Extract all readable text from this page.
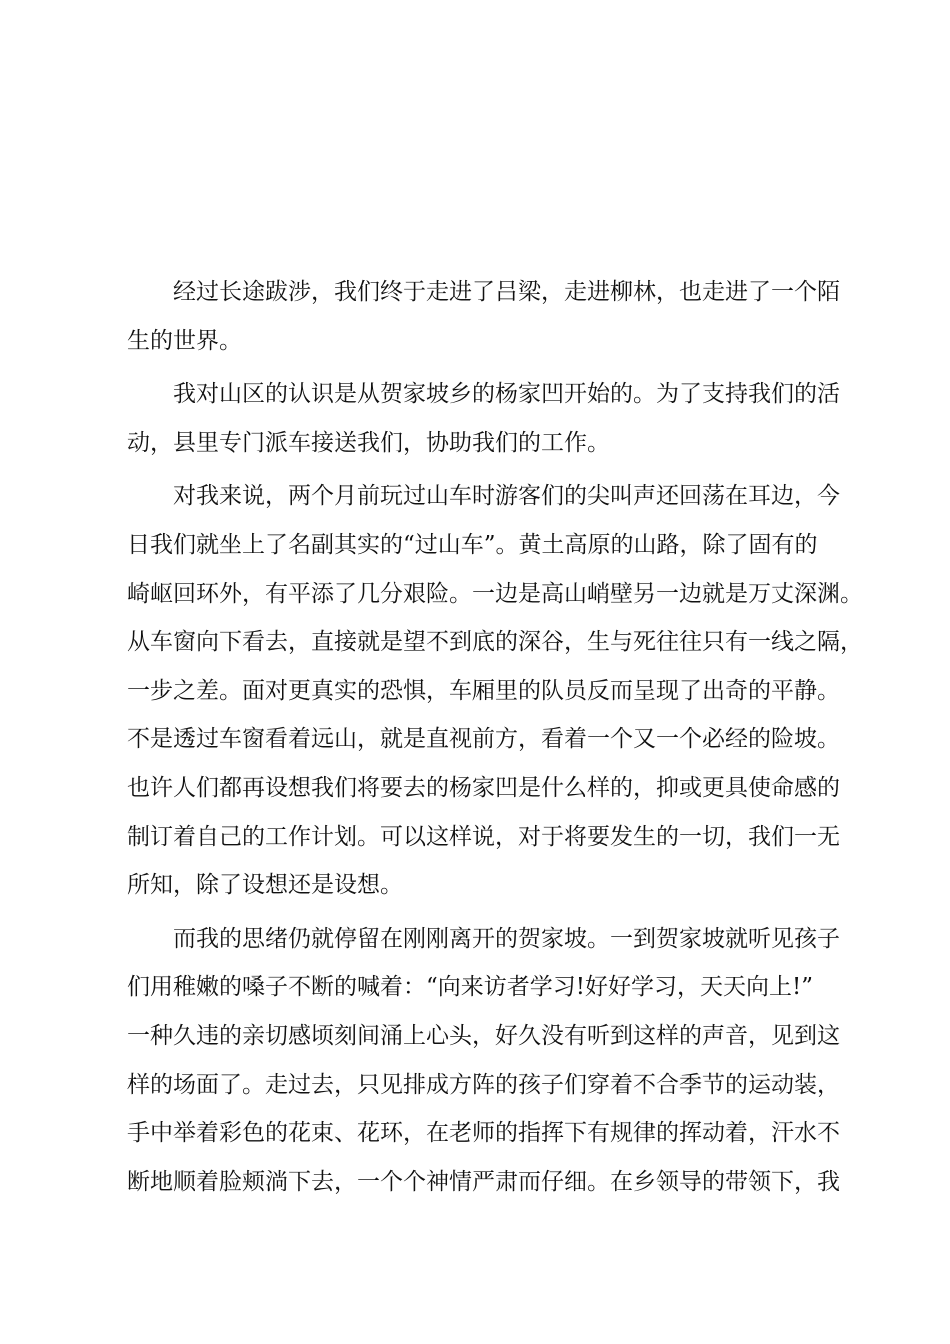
经过长途跋涉，我们终于走进了吕梁，走进柳林，也走进了一个陌
生的世界。
我对山区的认识是从贺家坡乡的杨家凹开始的。为了支持我们的活
动，县里专门派车接送我们，协助我们的工作。
对我来说，两个月前玩过山车时游客们的尖叫声还回荡在耳边，今
日我们就坐上了名副其实的“过山车”。黄土高原的山路，除了固有的
崎岖回环外，有平添了几分艰险。一边是高山峭壁另一边就是万丈深渊。
从车窗向下看去，直接就是望不到底的深谷，生与死往往只有一线之隔，
一步之差。面对更真实的恐惧，车厢里的队员反而呈现了出奇的平静。
不是透过车窗看着远山，就是直视前方，看着一个又一个必经的险坡。
也许人们都再设想我们将要去的杨家凹是什么样的，抑或更具使命感的
制订着自己的工作计划。可以这样说，对于将要发生的一切，我们一无
所知，除了设想还是设想。
而我的思绪仍就停留在刚刚离开的贺家坡。一到贺家坡就听见孩子
们用稚嫩的嗓子不断的喊着：“向来访者学习!好好学习，天天向上!”
一种久违的亲切感顷刻间涌上心头，好久没有听到这样的声音，见到这
样的场面了。走过去，只见排成方阵的孩子们穿着不合季节的运动装，
手中举着彩色的花束、花环，在老师的指挥下有规律的挥动着，汗水不
断地顺着脸颊淌下去，一个个神情严肃而仔细。在乡领导的带领下，我
